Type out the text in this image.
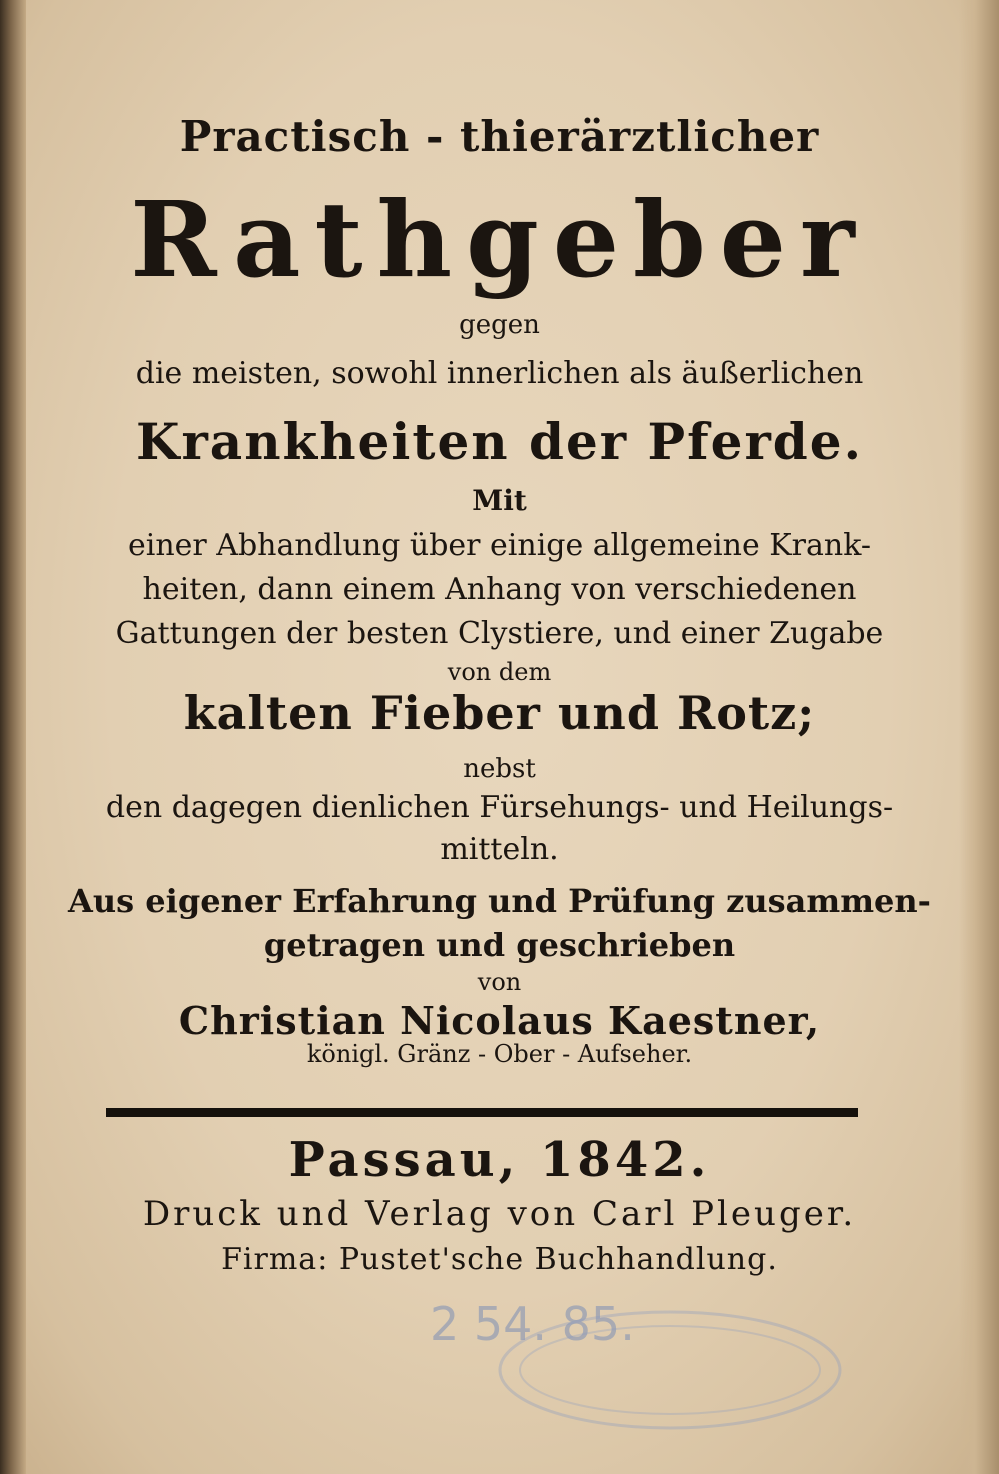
Practisch - thierärztlicher
Rathgeber
gegen
die meisten, sowohl innerlichen als äußerlichen
Krankheiten der Pferde.
Mit
einer Abhandlung über einige allgemeine Krank-
heiten, dann einem Anhang von verschiedenen
Gattungen der besten Clystiere, und einer Zugabe
von dem
kalten Fieber und Rotz;
nebst
den dagegen dienlichen Fürsehungs- und Heilungs-
mitteln.
Aus eigener Erfahrung und Prüfung zusammen-
getragen und geschrieben
von
Christian Nicolaus Kaestner,
königl. Gränz - Ober - Aufseher.
Passau, 1842.
Druck und Verlag von Carl Pleuger.
Firma: Pustet'sche Buchhandlung.
2 54. 85.
